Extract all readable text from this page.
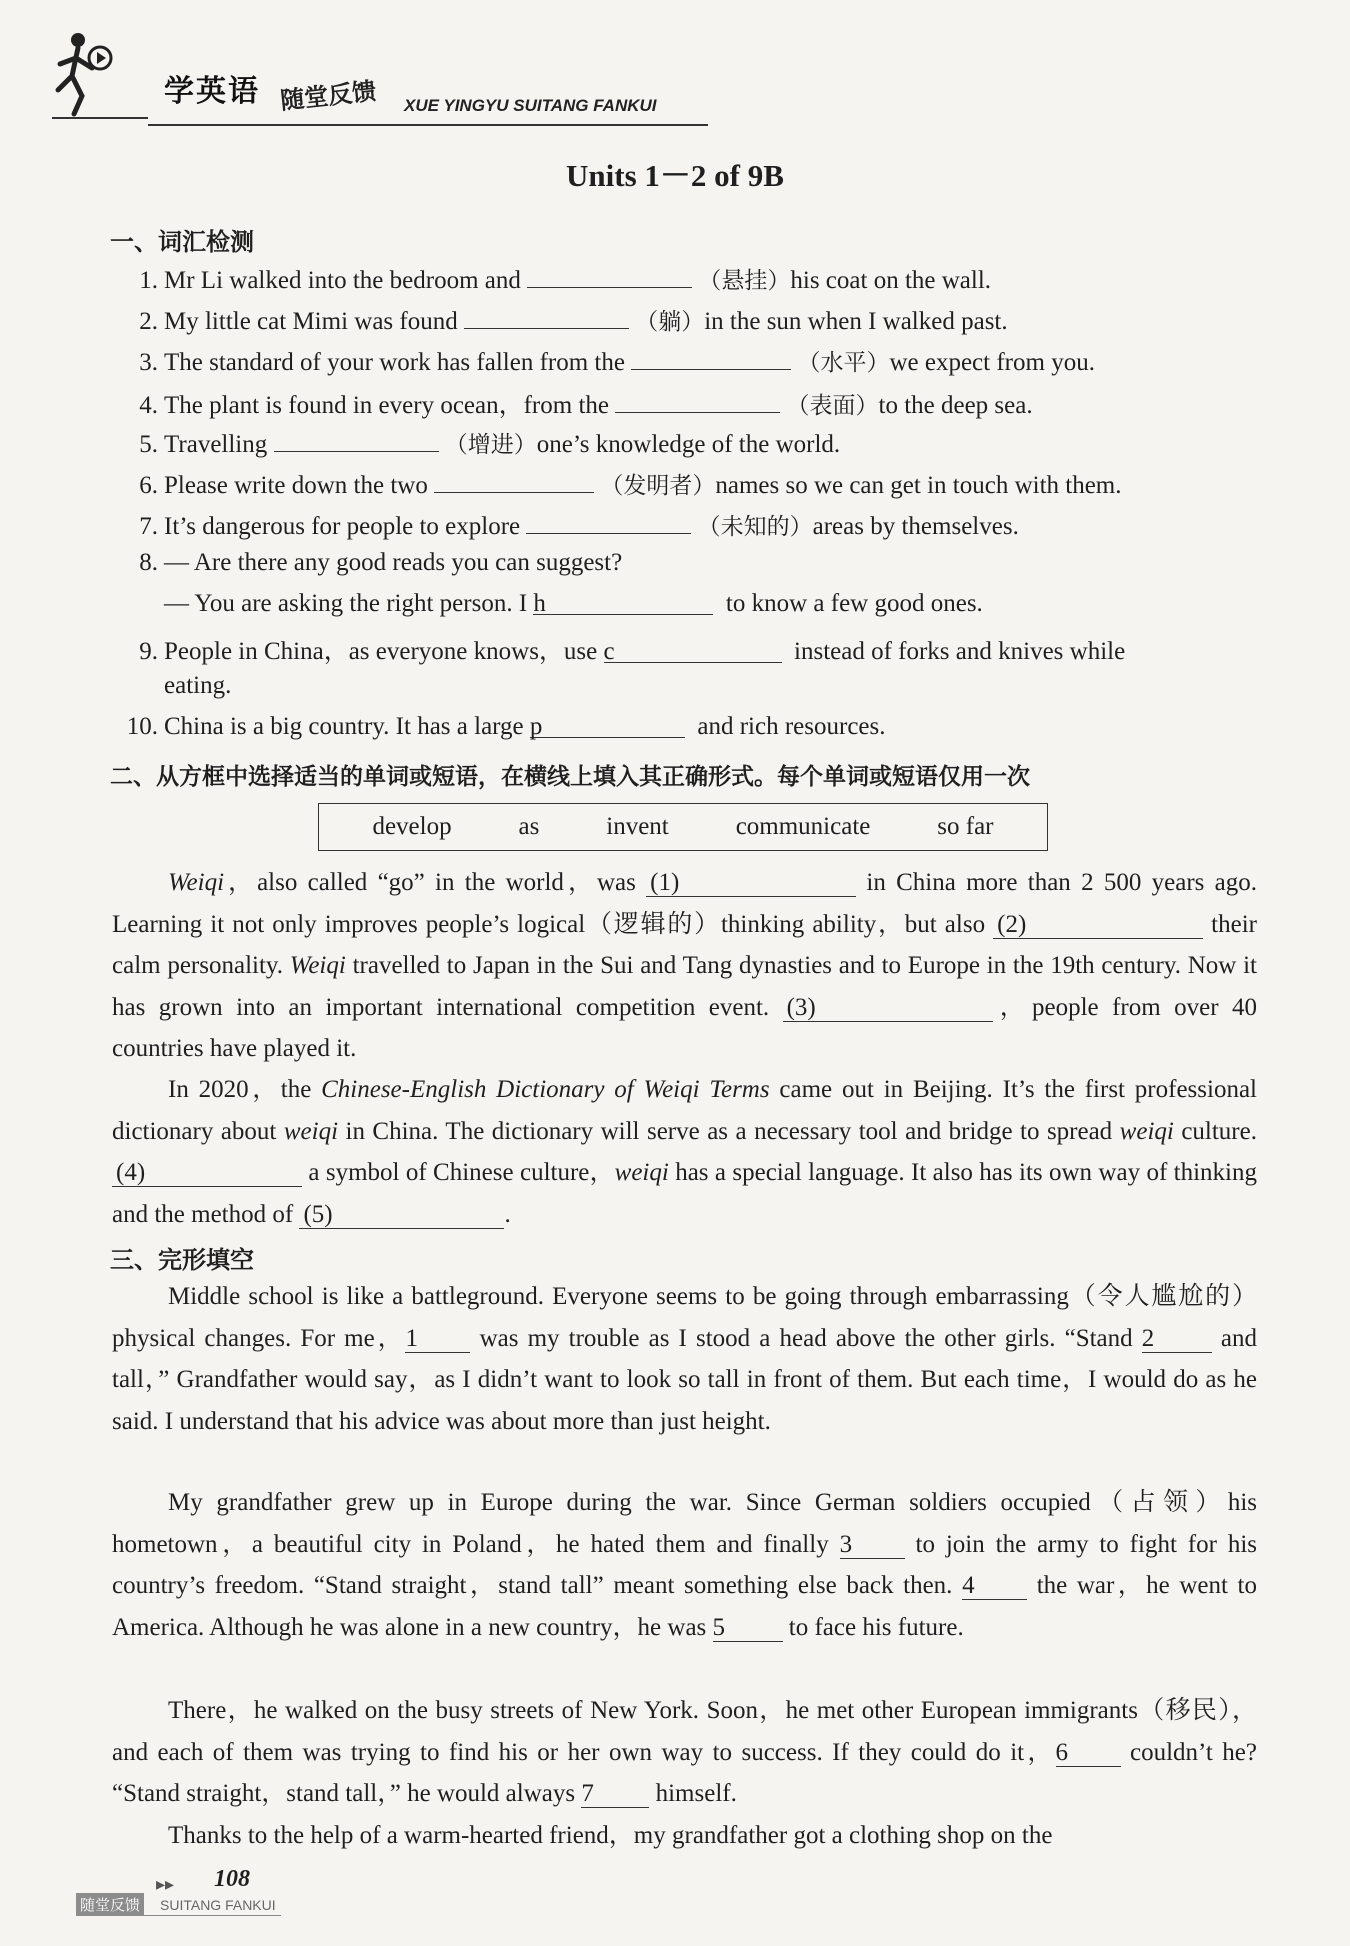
学英语 随堂反馈 XUE YINGYU SUITANG FANKUI
Units 1－2 of 9B
一、词汇检测
1. Mr Li walked into the bedroom and	（悬挂）his coat on the wall.
2. My little cat Mimi was found	（躺）in the sun when I walked past.
3. The standard of your work has fallen from the	（水平）we expect from you.
4. The plant is found in every ocean，from the	（表面）to the deep sea.
5. Travelling	（增进）one’s knowledge of the world.
6. Please write down the two	（发明者）names so we can get in touch with them.
7. It’s dangerous for people to explore	（未知的）areas by themselves.
8. — Are there any good reads you can suggest?
— You are asking the right person. I h	to know a few good ones.
9. People in China，as everyone knows，use c	instead of forks and knives while
eating.
10. China is a big country. It has a large p	and rich resources.
二、从方框中选择适当的单词或短语，在横线上填入其正确形式。每个单词或短语仅用一次
develop	as	invent	communicate	so far
Weiqi，also called “go” in the world，was (1)	in China more than 2 500 years ago. Learning it not only improves people’s logical（逻辑的）thinking ability，but also (2)	their calm personality. Weiqi travelled to Japan in the Sui and Tang dynasties and to Europe in the 19th century. Now it has grown into an important international competition event. (3)	，people from over 40 countries have played it.
In 2020，the Chinese-English Dictionary of Weiqi Terms came out in Beijing. It’s the first professional dictionary about weiqi in China. The dictionary will serve as a necessary tool and bridge to spread weiqi culture. (4)	a symbol of Chinese culture，weiqi has a special language. It also has its own way of thinking and the method of (5)	.
三、完形填空
Middle school is like a battleground. Everyone seems to be going through embarrassing（令人尴尬的）physical changes. For me，1 was my trouble as I stood a head above the other girls. “Stand 2 and tall，” Grandfather would say，as I didn’t want to look so tall in front of them. But each time，I would do as he said. I understand that his advice was about more than just height.
My grandfather grew up in Europe during the war. Since German soldiers occupied（占领）his hometown，a beautiful city in Poland，he hated them and finally 3 to join the army to fight for his country’s freedom. “Stand straight，stand tall” meant something else back then. 4 the war，he went to America. Although he was alone in a new country，he was 5 to face his future.
There，he walked on the busy streets of New York. Soon，he met other European immigrants（移民），and each of them was trying to find his or her own way to success. If they could do it，6 couldn’t he? “Stand straight，stand tall，” he would always 7 himself.
Thanks to the help of a warm-hearted friend，my grandfather got a clothing shop on the
▸▸ 108
随堂反馈 SUITANG FANKUI
